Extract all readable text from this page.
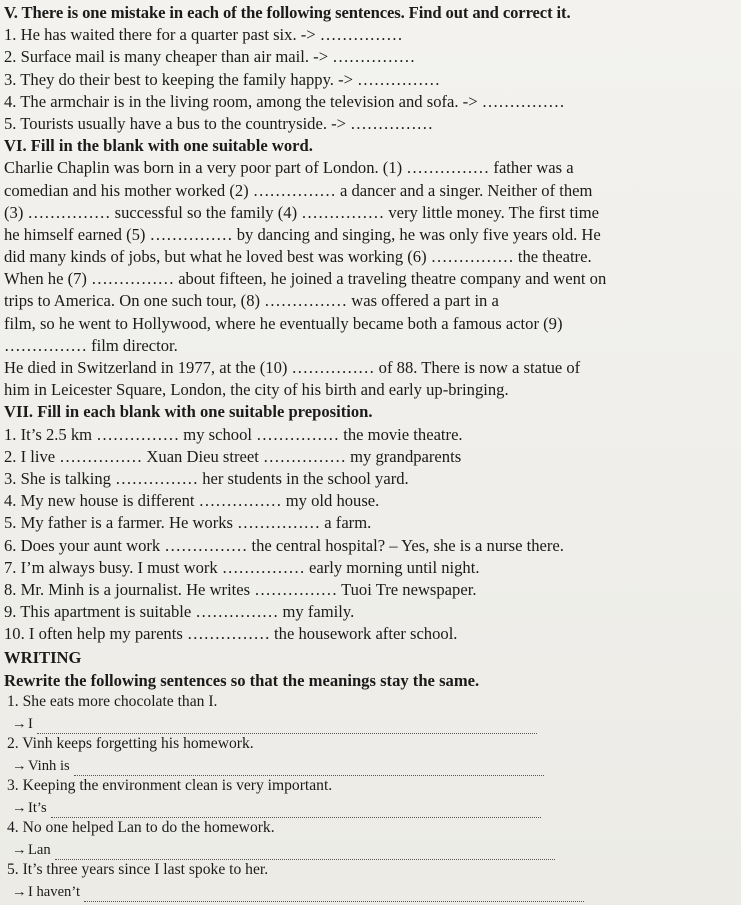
V. There is one mistake in each of the following sentences. Find out and correct it.
1. He has waited there for a quarter past six. -> ……………
2. Surface mail is many cheaper than air mail. -> ……………
3. They do their best to keeping the family happy. -> ……………
4. The armchair is in the living room, among the television and sofa. -> ……………
5. Tourists usually have a bus to the countryside. -> ……………
VI. Fill in the blank with one suitable word.
Charlie Chaplin was born in a very poor part of London. (1) …………… father was a
comedian and his mother worked (2) …………… a dancer and a singer. Neither of them
(3) …………… successful so the family (4) …………… very little money. The first time
he himself earned (5) …………… by dancing and singing, he was only five years old. He
did many kinds of jobs, but what he loved best was working (6) …………… the theatre.
When he (7) …………… about fifteen, he joined a traveling theatre company and went on
trips to America. On one such tour, (8) …………… was offered a part in a
film, so he went to Hollywood, where he eventually became both a famous actor (9)
…………… film director.
He died in Switzerland in 1977, at the (10) …………… of 88. There is now a statue of
him in Leicester Square, London, the city of his birth and early up-bringing.
VII. Fill in each blank with one suitable preposition.
1. It’s 2.5 km …………… my school …………… the movie theatre.
2. I live …………… Xuan Dieu street …………… my grandparents
3. She is talking …………… her students in the school yard.
4. My new house is different …………… my old house.
5. My father is a farmer. He works …………… a farm.
6. Does your aunt work …………… the central hospital? – Yes, she is a nurse there.
7. I’m always busy. I must work …………… early morning until night.
8. Mr. Minh is a journalist. He writes …………… Tuoi Tre newspaper.
9. This apartment is suitable …………… my family.
10. I often help my parents …………… the housework after school.
WRITING
Rewrite the following sentences so that the meanings stay the same.
1. She eats more chocolate than I.
→ I
2. Vinh keeps forgetting his homework.
→ Vinh is
3. Keeping the environment clean is very important.
→ It’s
4. No one helped Lan to do the homework.
→ Lan
5. It’s three years since I last spoke to her.
→ I haven’t
